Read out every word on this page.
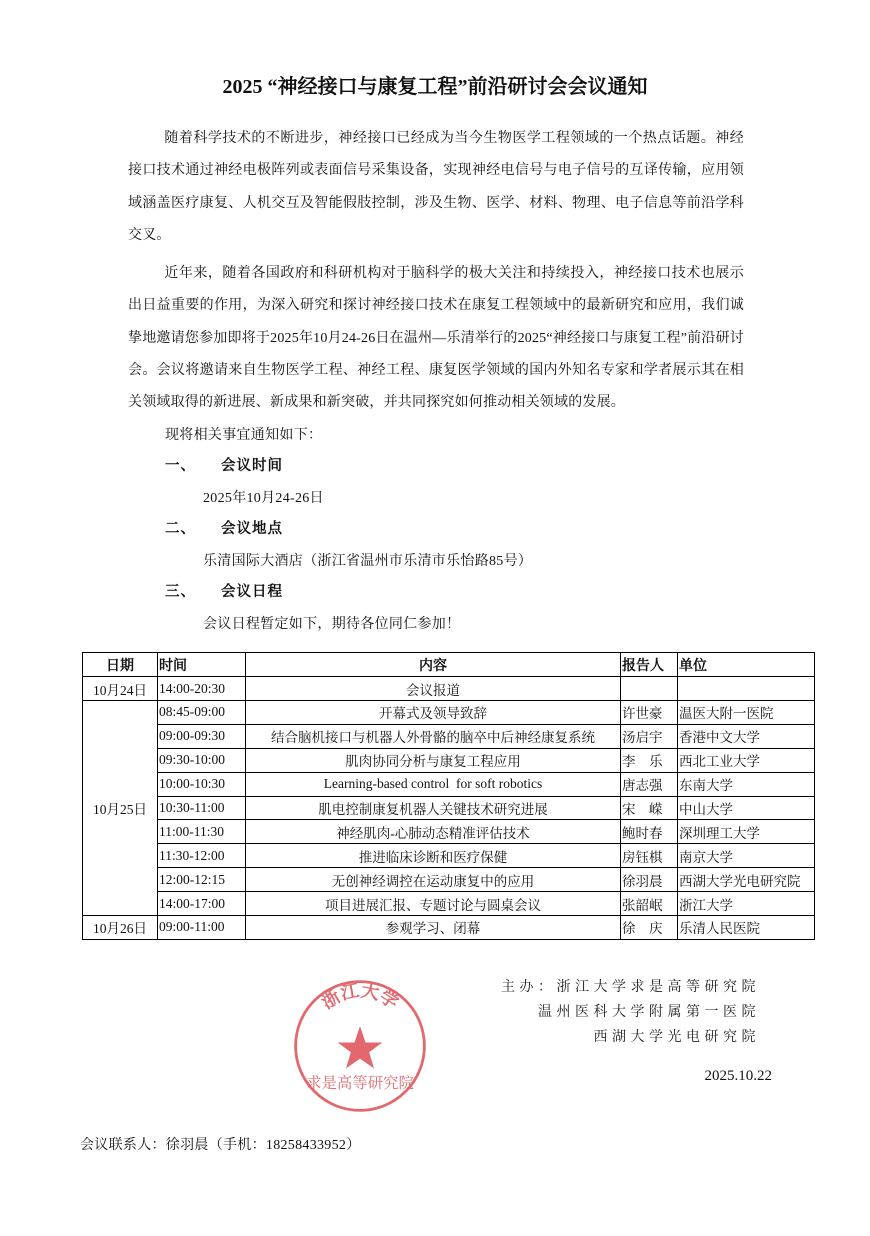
2025 “神经接口与康复工程”前沿研讨会会议通知

随着科学技术的不断进步，神经接口已经成为当今生物医学工程领域的一个热点话题。神经接口技术通过神经电极阵列或表面信号采集设备，实现神经电信号与电子信号的互译传输，应用领域涵盖医疗康复、人机交互及智能假肢控制，涉及生物、医学、材料、物理、电子信息等前沿学科交叉。

近年来，随着各国政府和科研机构对于脑科学的极大关注和持续投入，神经接口技术也展示出日益重要的作用，为深入研究和探讨神经接口技术在康复工程领域中的最新研究和应用，我们诚挚地邀请您参加即将于2025年10月24-26日在温州—乐清举行的2025“神经接口与康复工程”前沿研讨会。会议将邀请来自生物医学工程、神经工程、康复医学领域的国内外知名专家和学者展示其在相关领域取得的新进展、新成果和新突破，并共同探究如何推动相关领域的发展。

现将相关事宜通知如下：
一、	会议时间
2025年10月24-26日
二、	会议地点
乐清国际大酒店（浙江省温州市乐清市乐怡路85号）
三、	会议日程
会议日程暂定如下，期待各位同仁参加！
日期	时间	内容	报告人	单位
10月24日	14:00-20:30	会议报道		
10月25日	08:45-09:00	开幕式及领导致辞	许世豪	温医大附一医院
	09:00-09:30	结合脑机接口与机器人外骨骼的脑卒中后神经康复系统	汤启宇	香港中文大学
	09:30-10:00	肌肉协同分析与康复工程应用	李　乐	西北工业大学
	10:00-10:30	Learning-based control  for soft robotics	唐志强	东南大学
	10:30-11:00	肌电控制康复机器人关键技术研究进展	宋　嵘	中山大学
	11:00-11:30	神经肌肉-心肺动态精准评估技术	鲍时春	深圳理工大学
	11:30-12:00	推进临床诊断和医疗保健	房钰棋	南京大学
	12:00-12:15	无创神经调控在运动康复中的应用	徐羽晨	西湖大学光电研究院
	14:00-17:00	项目进展汇报、专题讨论与圆桌会议	张韶岷	浙江大学
10月26日	09:00-11:00	参观学习、闭幕	徐　庆	乐清人民医院
浙江大学
求是高等研究院
主办：浙江大学求是高等研究院
温州医科大学附属第一医院
西湖大学光电研究院
2025.10.22
会议联系人：徐羽晨（手机：18258433952）
